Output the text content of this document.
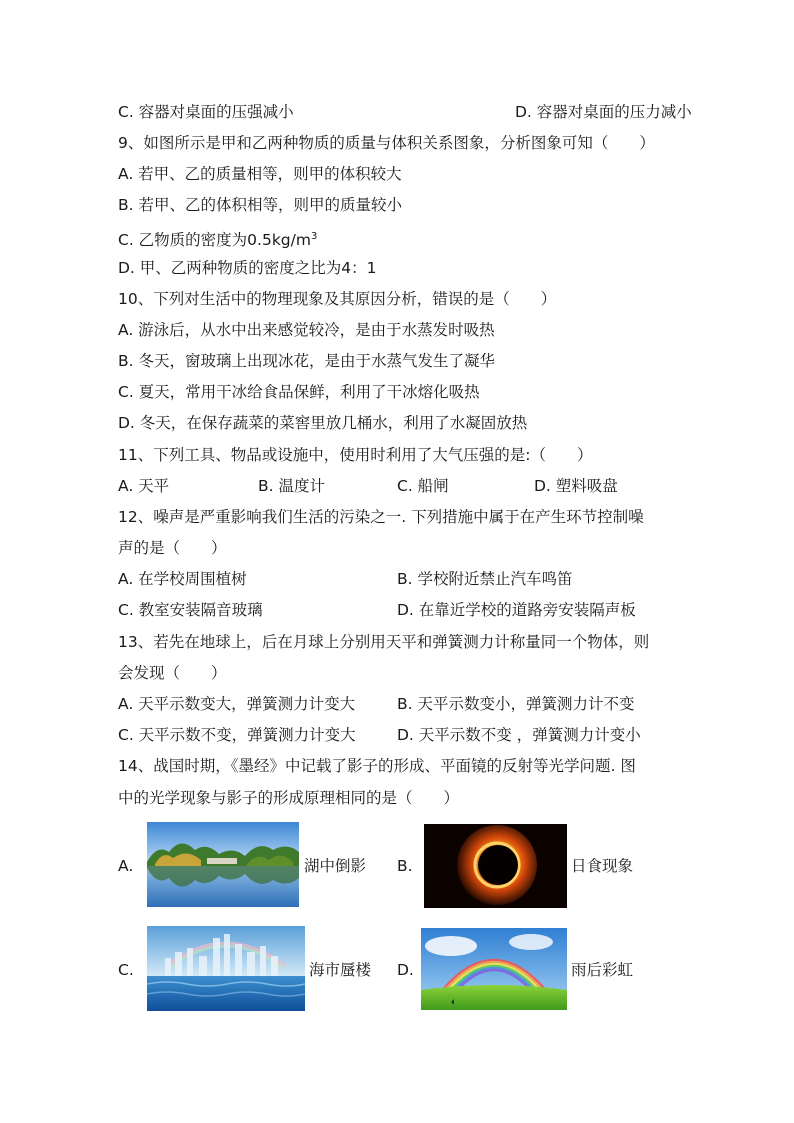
C. 容器对桌面的压强减小	D. 容器对桌面的压力减小
9、如图所示是甲和乙两种物质的质量与体积关系图象，分析图象可知（　　）
A. 若甲、乙的质量相等，则甲的体积较大
B. 若甲、乙的体积相等，则甲的质量较小
C. 乙物质的密度为$0.5kg/m^3$
D. 甲、乙两种物质的密度之比为4：1
10、下列对生活中的物理现象及其原因分析，错误的是（　　）
A. 游泳后，从水中出来感觉较冷，是由于水蒸发时吸热
B. 冬天，窗玻璃上出现冰花，是由于水蒸气发生了凝华
C. 夏天，常用干冰给食品保鲜，利用了干冰熔化吸热
D. 冬天，在保存蔬菜的菜窖里放几桶水，利用了水凝固放热
11、下列工具、物品或设施中，使用时利用了大气压强的是:（　　）
A. 天平	B. 温度计	C. 船闸	D. 塑料吸盘
12、噪声是严重影响我们生活的污染之一. 下列措施中属于在产生环节控制噪
声的是（　　）
A. 在学校周围植树	B. 学校附近禁止汽车鸣笛
C. 教室安装隔音玻璃	D. 在靠近学校的道路旁安装隔声板
13、若先在地球上，后在月球上分别用天平和弹簧测力计称量同一个物体，则
会发现（　　）
A. 天平示数变大，弹簧测力计变大	B. 天平示数变小，弹簧测力计不变
C. 天平示数不变，弹簧测力计变大	D. 天平示数不变 ，弹簧测力计变小
14、战国时期，《墨经》中记载了影子的形成、平面镜的反射等光学问题. 图
中的光学现象与影子的形成原理相同的是（　　）
A.	湖中倒影 B.	日食现象
C.	海市蜃楼 D.	雨后彩虹
